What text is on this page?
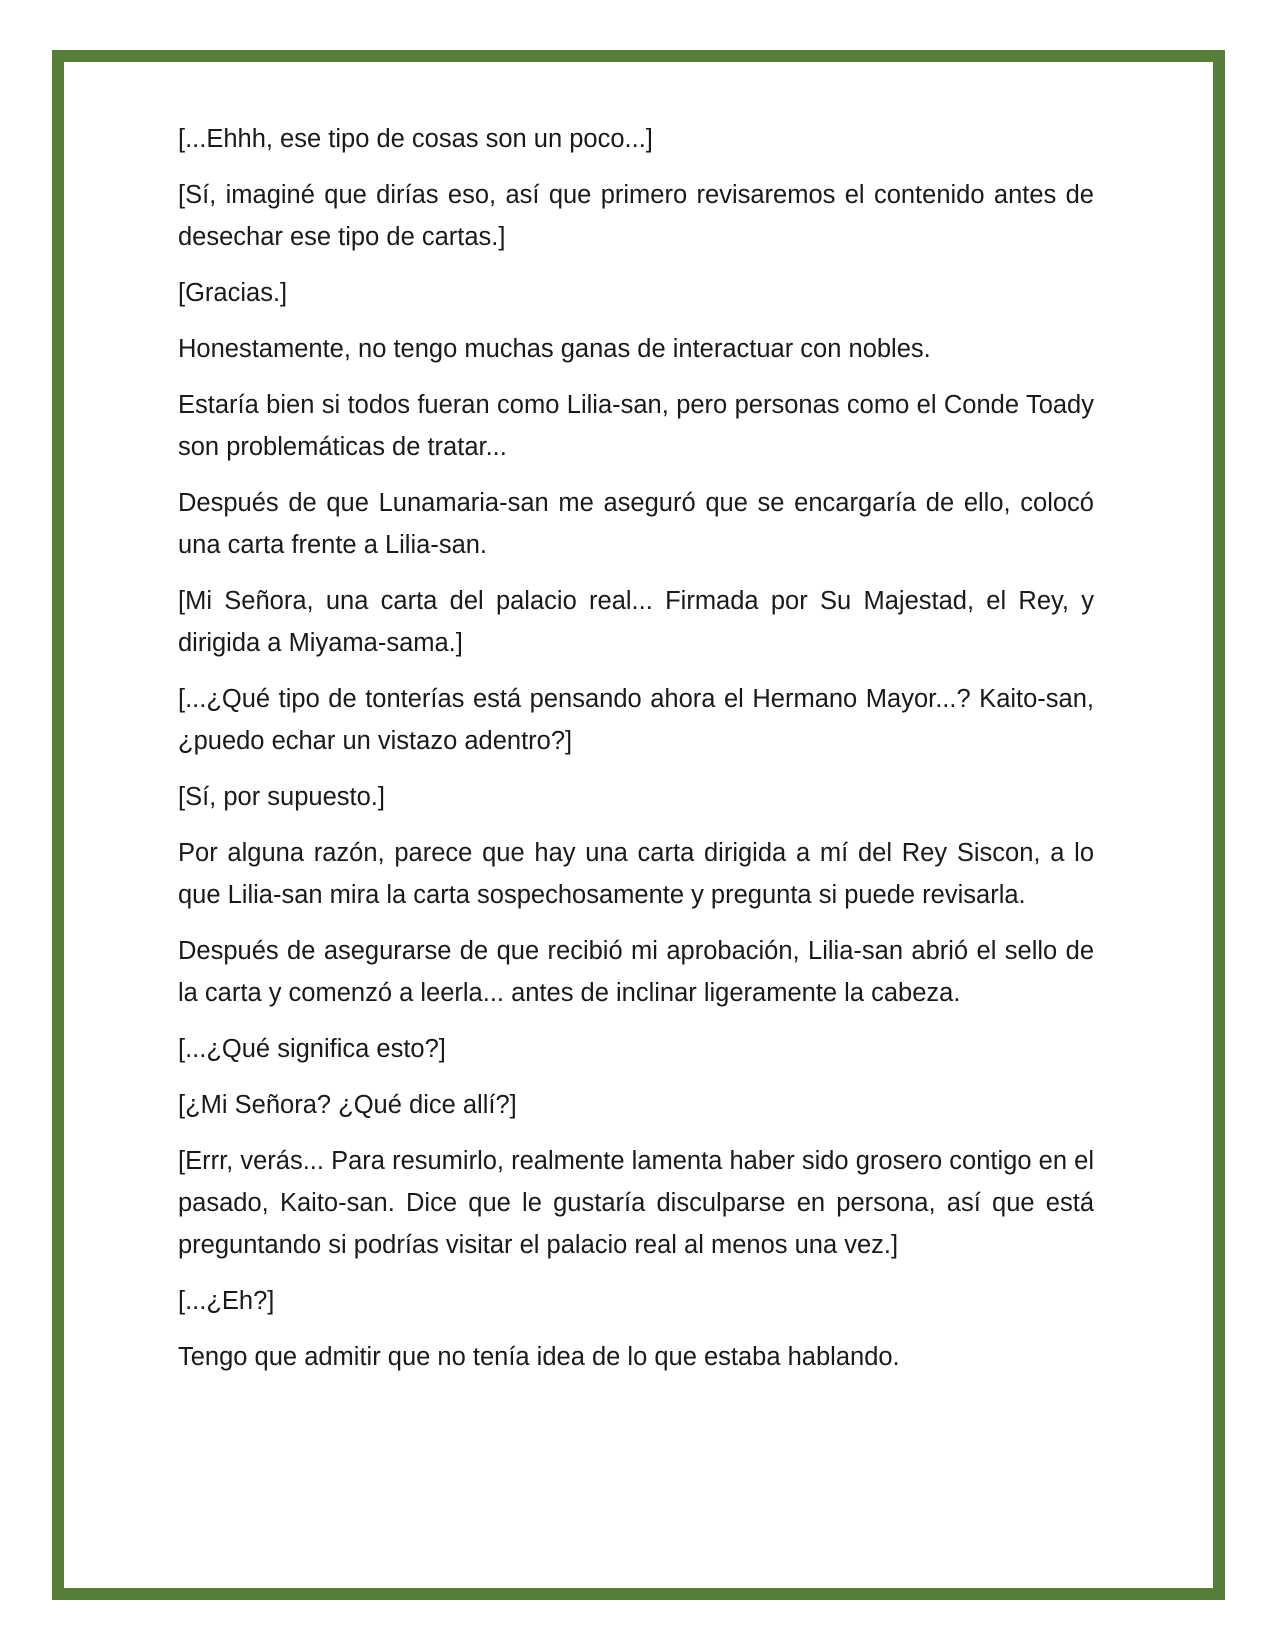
[...Ehhh, ese tipo de cosas son un poco...]

[Sí, imaginé que dirías eso, así que primero revisaremos el contenido antes de desechar ese tipo de cartas.]

[Gracias.]

Honestamente, no tengo muchas ganas de interactuar con nobles.

Estaría bien si todos fueran como Lilia-san, pero personas como el Conde Toady son problemáticas de tratar...

Después de que Lunamaria-san me aseguró que se encargaría de ello, colocó una carta frente a Lilia-san.

[Mi Señora, una carta del palacio real... Firmada por Su Majestad, el Rey, y dirigida a Miyama-sama.]

[...¿Qué tipo de tonterías está pensando ahora el Hermano Mayor...? Kaito-san, ¿puedo echar un vistazo adentro?]

[Sí, por supuesto.]

Por alguna razón, parece que hay una carta dirigida a mí del Rey Siscon, a lo que Lilia-san mira la carta sospechosamente y pregunta si puede revisarla.

Después de asegurarse de que recibió mi aprobación, Lilia-san abrió el sello de la carta y comenzó a leerla... antes de inclinar ligeramente la cabeza.

[...¿Qué significa esto?]

[¿Mi Señora? ¿Qué dice allí?]

[Errr, verás... Para resumirlo, realmente lamenta haber sido grosero contigo en el pasado, Kaito-san. Dice que le gustaría disculparse en persona, así que está preguntando si podrías visitar el palacio real al menos una vez.]

[...¿Eh?]

Tengo que admitir que no tenía idea de lo que estaba hablando.
